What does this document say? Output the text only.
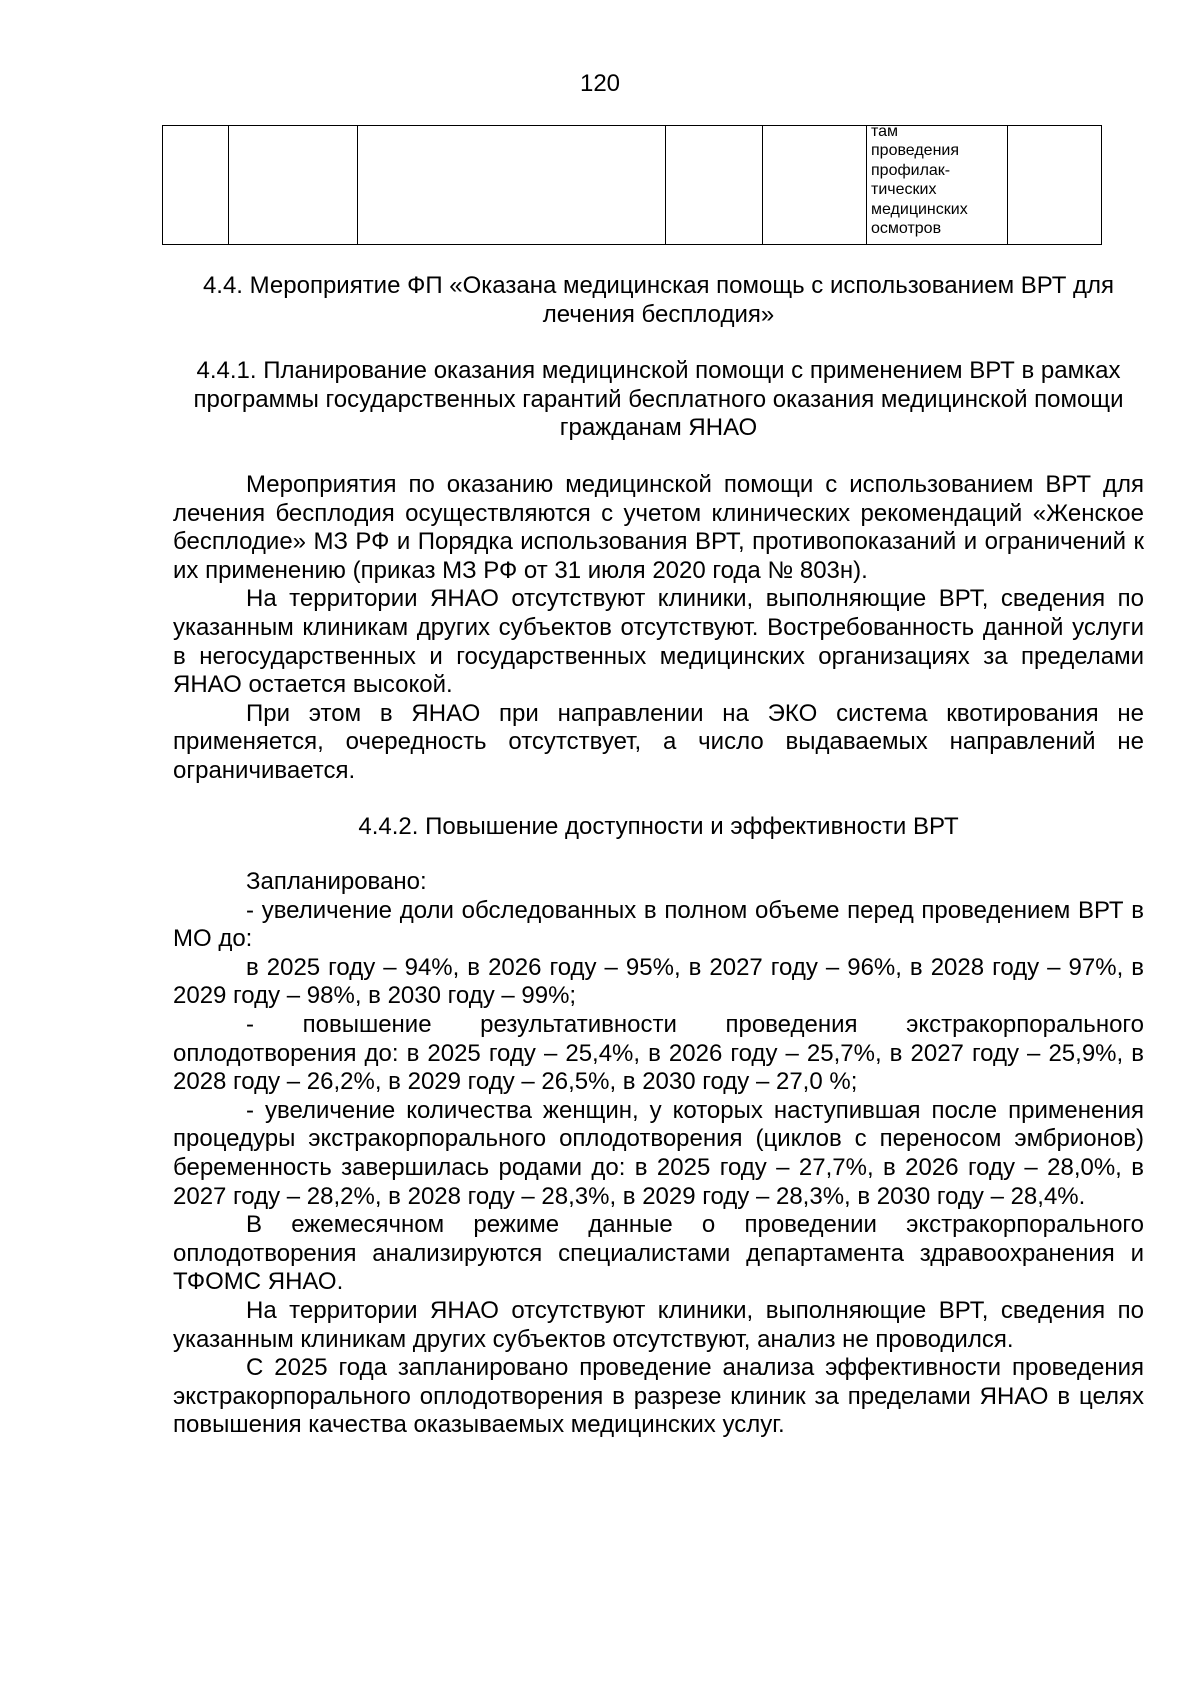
120

там
проведения
профилак-
тических
медицинских
осмотров

4.4. Мероприятие ФП «Оказана медицинская помощь с использованием ВРТ для лечения бесплодия»
4.4.1. Планирование оказания медицинской помощи с применением ВРТ в рамках программы государственных гарантий бесплатного оказания медицинской помощи гражданам ЯНАО

Мероприятия по оказанию медицинской помощи с использованием ВРТ для лечения бесплодия осуществляются с учетом клинических рекомендаций «Женское бесплодие» МЗ РФ и Порядка использования ВРТ, противопоказаний и ограничений к их применению (приказ МЗ РФ от 31 июля 2020 года № 803н).

На территории ЯНАО отсутствуют клиники, выполняющие ВРТ, сведения по указанным клиникам других субъектов отсутствуют. Востребованность данной услуги в негосударственных и государственных медицинских организациях за пределами ЯНАО остается высокой.

При этом в ЯНАО при направлении на ЭКО система квотирования не применяется, очередность отсутствует, а число выдаваемых направлений не ограничивается.

4.4.2. Повышение доступности и эффективности ВРТ

Запланировано:

- увеличение доли обследованных в полном объеме перед проведением ВРТ в МО до:

в 2025 году – 94%, в 2026 году – 95%, в 2027 году – 96%, в 2028 году – 97%, в 2029 году – 98%, в 2030 году – 99%;

- повышение результативности проведения экстракорпорального оплодотворения до: в 2025 году – 25,4%, в 2026 году – 25,7%, в 2027 году – 25,9%, в 2028 году – 26,2%, в 2029 году – 26,5%, в 2030 году – 27,0 %;

- увеличение количества женщин, у которых наступившая после применения процедуры экстракорпорального оплодотворения (циклов с переносом эмбрионов) беременность завершилась родами до: в 2025 году – 27,7%, в 2026 году – 28,0%, в 2027 году – 28,2%, в 2028 году – 28,3%, в 2029 году – 28,3%, в 2030 году – 28,4%.

В ежемесячном режиме данные о проведении экстракорпорального оплодотворения анализируются специалистами департамента здравоохранения и ТФОМС ЯНАО.

На территории ЯНАО отсутствуют клиники, выполняющие ВРТ, сведения по указанным клиникам других субъектов отсутствуют, анализ не проводился.

С 2025 года запланировано проведение анализа эффективности проведения экстракорпорального оплодотворения в разрезе клиник за пределами ЯНАО в целях повышения качества оказываемых медицинских услуг.
